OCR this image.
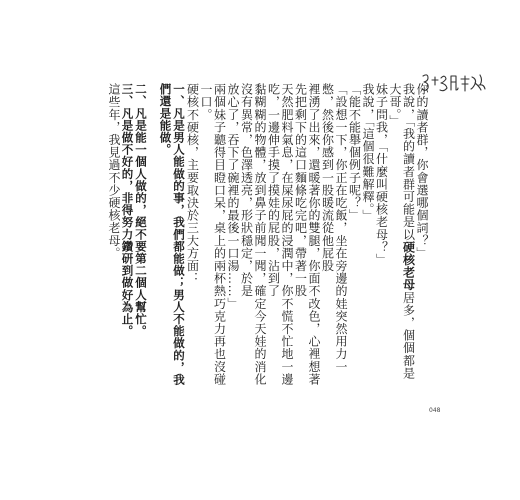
你的讀者群，你會選哪個詞？」

我說，「我的讀者群可能是以硬核老母居多，個個都是大哥。」

妹子問我，「什麼叫硬核老母？」

我說，「這個很難解釋。」

「能不能舉個例子呢？」

「設想一下，你正在吃飯，坐在旁邊的娃突然用力一憋，然後你感到一股暖流從他屁股

裡湧了出來，還暖著你的雙腿，你面不改色，心裡想著先把剩下的這口麵條吃完吧，帶著一股

天然肥料氣息，在屎尿屁的浸潤中，你不慌不忙地一邊吃，一邊伸手摸了摸娃的屁股，沾到了

黏糊糊的物體，放到鼻子前聞一聞，確定今天娃的消化沒有異常，色澤透亮，形狀穩定，於是

放心了，吞下了碗裡的最後一口湯……」

兩個妹子聽得目瞪口呆，桌上的兩杯熱巧克力再也沒碰一口。

硬核不硬核，主要取決於三大方面：

一、凡是男人能做的事，我們都能做；男人不能做的，我們還是能做。

二、凡是能一個人做的，絕不要第二個人幫忙。

三、凡是做不好的，非得努力鑽研到做好為止。

這些年，我見過不少硬核老母。

048
